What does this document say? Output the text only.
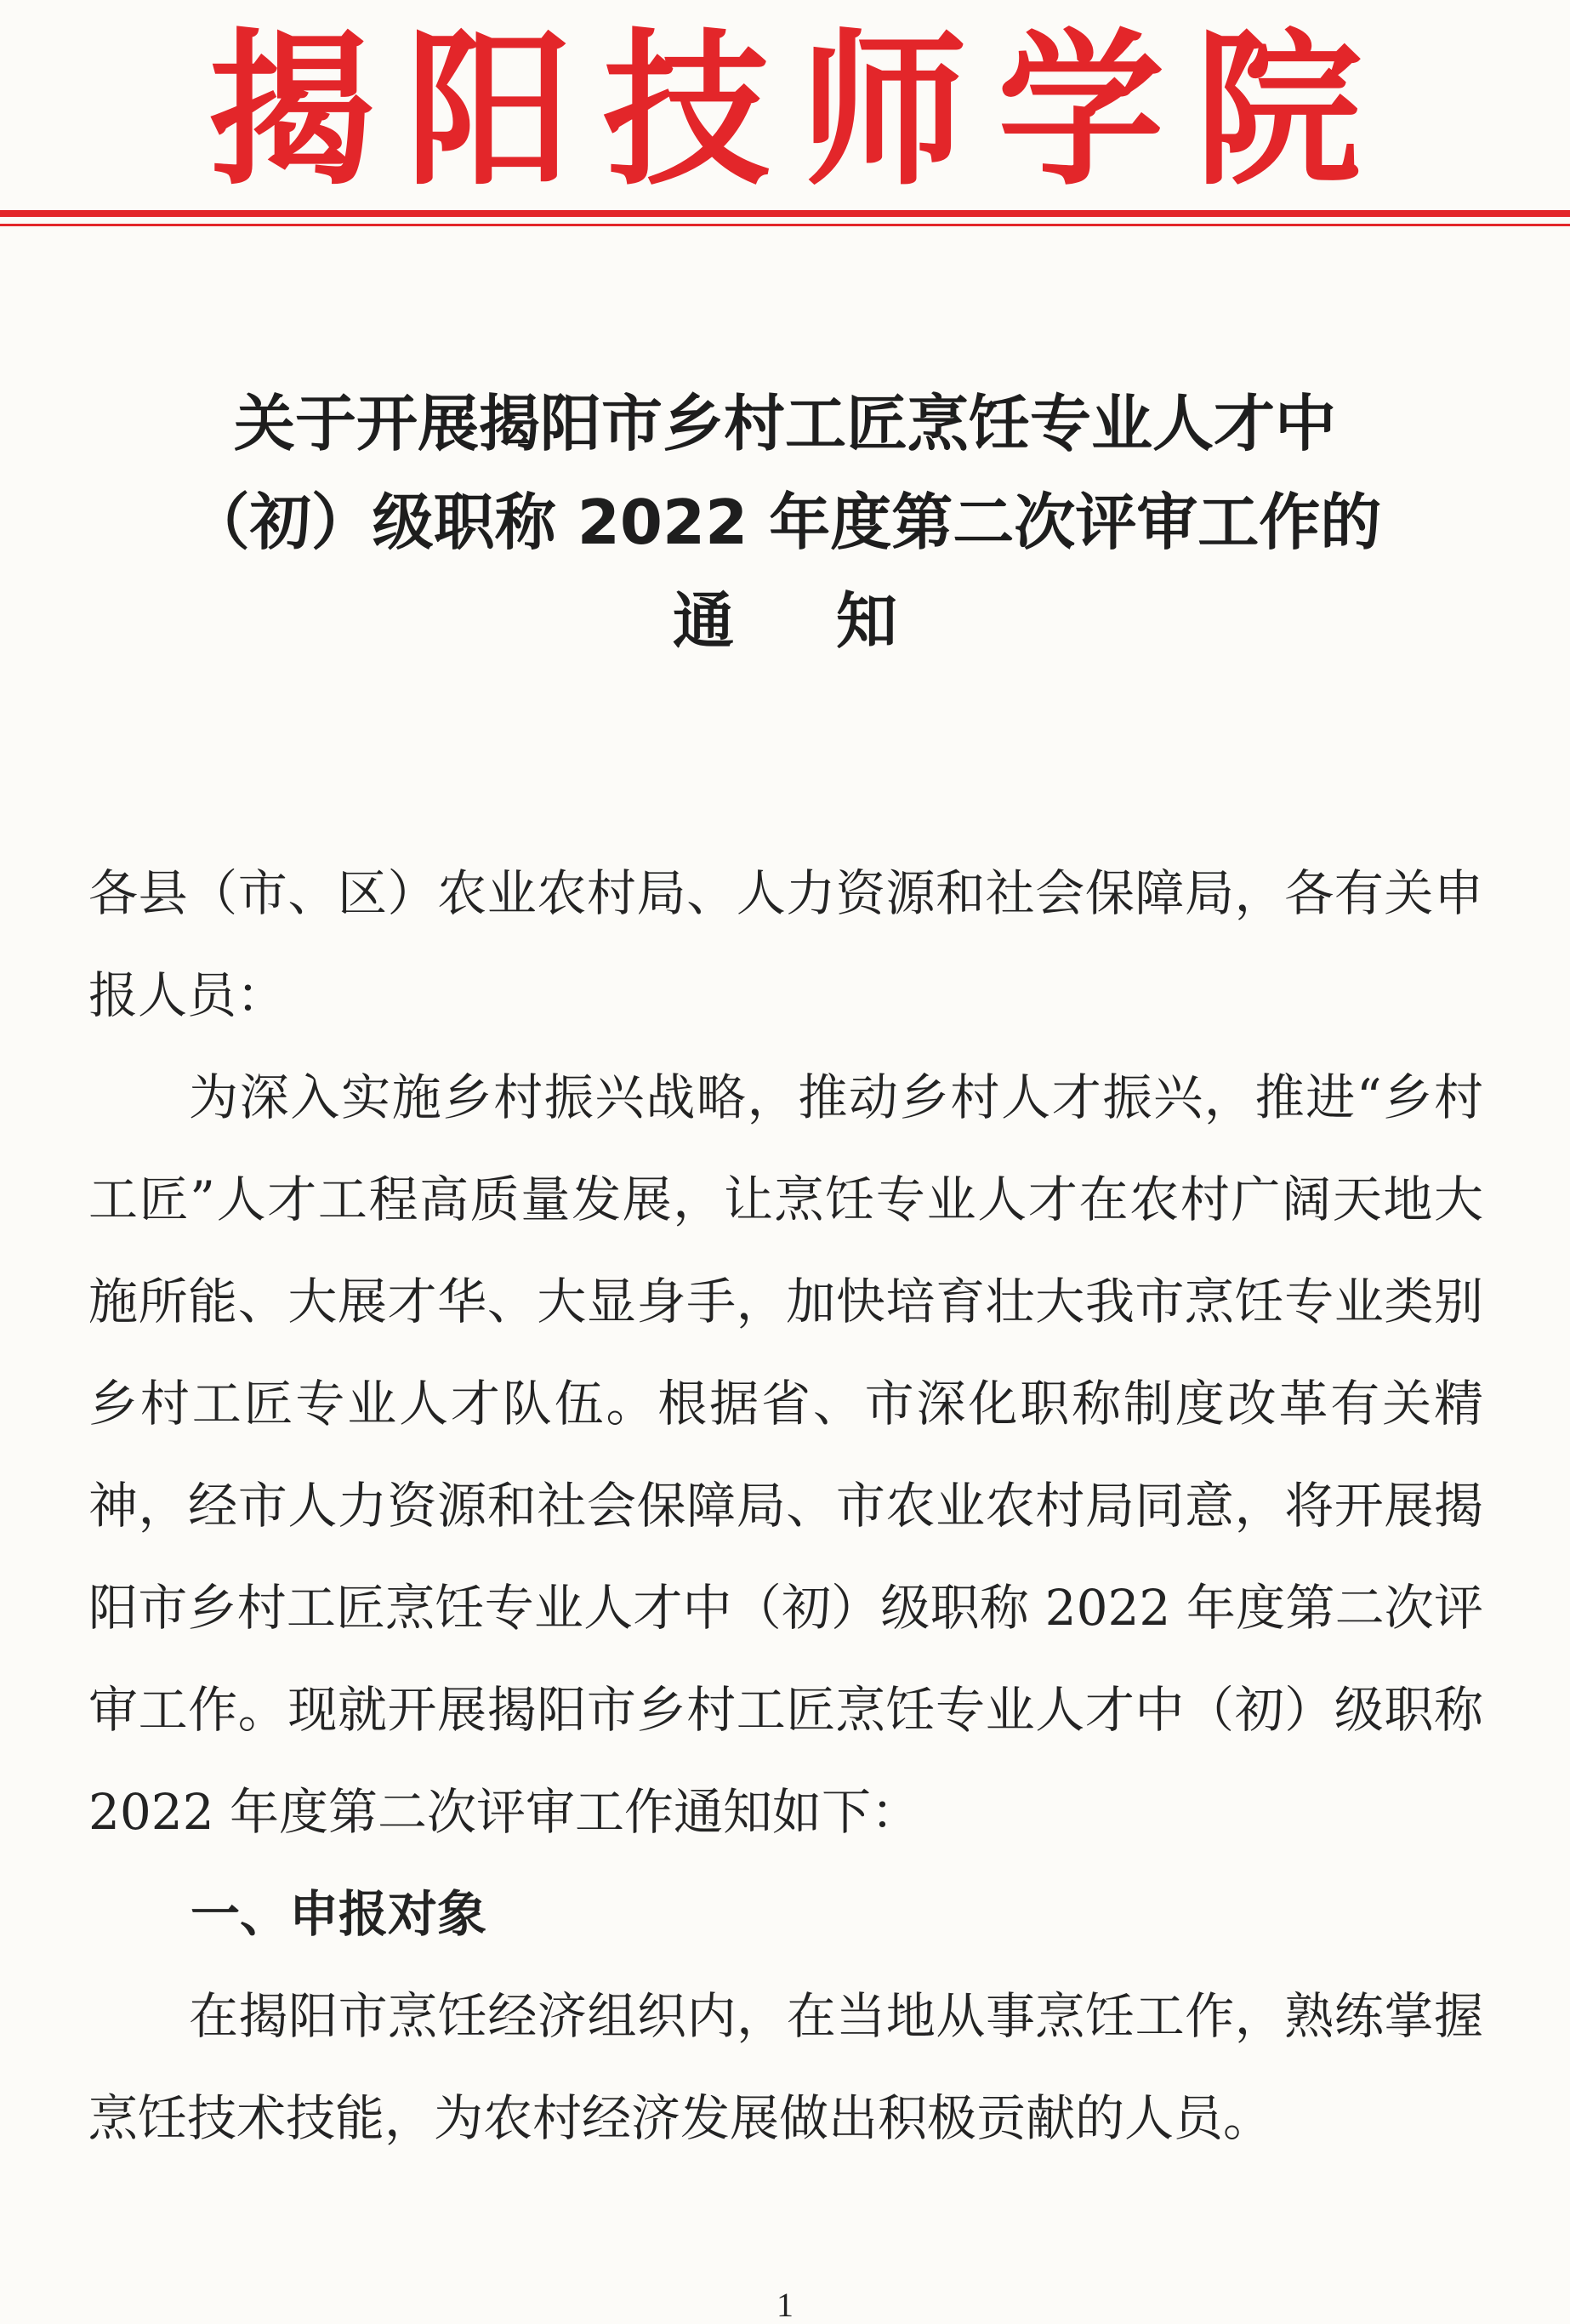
揭阳技师学院
关于开展揭阳市乡村工匠烹饪专业人才中
（初）级职称 2022 年度第二次评审工作的
通知

各县（市、区）农业农村局、人力资源和社会保障局，各有关申报人员：

为深入实施乡村振兴战略，推动乡村人才振兴，推进“乡村工匠”人才工程高质量发展，让烹饪专业人才在农村广阔天地大施所能、大展才华、大显身手，加快培育壮大我市烹饪专业类别乡村工匠专业人才队伍。根据省、市深化职称制度改革有关精神，经市人力资源和社会保障局、市农业农村局同意，将开展揭阳市乡村工匠烹饪专业人才中（初）级职称 2022 年度第二次评审工作。现就开展揭阳市乡村工匠烹饪专业人才中（初）级职称 2022 年度第二次评审工作通知如下：

一、申报对象

在揭阳市烹饪经济组织内，在当地从事烹饪工作，熟练掌握烹饪技术技能，为农村经济发展做出积极贡献的人员。

1
